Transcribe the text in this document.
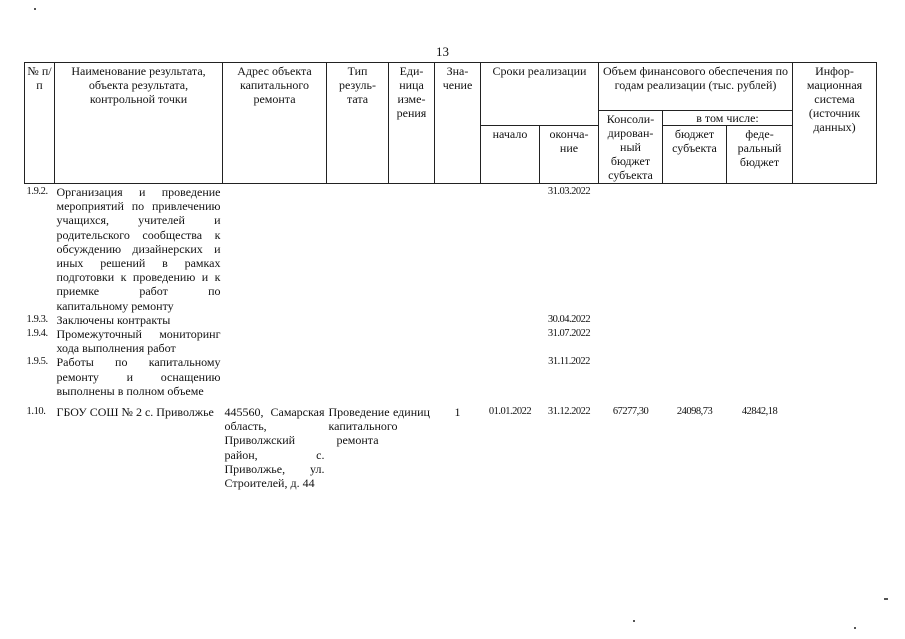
13
№ п/п	Наименование результата, объекта результата, контрольной точки	Адрес объекта капитального ремонта	Тип резуль- тата	Еди- ница изме- рения	Зна- чение	Сроки реализации		Объем финансового обеспечения по годам реализации (тыс. рублей)			Инфор- мационная система (источник данных)
								Консоли- дирован- ный бюджет субъекта	в том числе:		
						начало	оконча- ние		бюджет субъекта	феде- ральный бюджет	
1.9.2.	Организация и проведение мероприятий по привлечению учащихся, учителей и родительского сообщества к обсуждению дизайнерских и иных решений в рамках подготовки к проведению и к приемке работ по капитальному ремонту						31.03.2022				
1.9.3.	Заключены контракты						30.04.2022				
1.9.4.	Промежуточный мониторинг хода выполнения работ						31.07.2022				
1.9.5.	Работы по капитальному ремонту и оснащению выполнены в полном объеме						31.11.2022				
1.10.	ГБОУ СОШ № 2 с. Приволжье	445560, Самарская область, Приволжский район, с. Приволжье, ул. Строителей, д. 44	Проведение капитального ремонта	единиц	1	01.01.2022	31.12.2022	67277,30	24098,73	42842,18	
